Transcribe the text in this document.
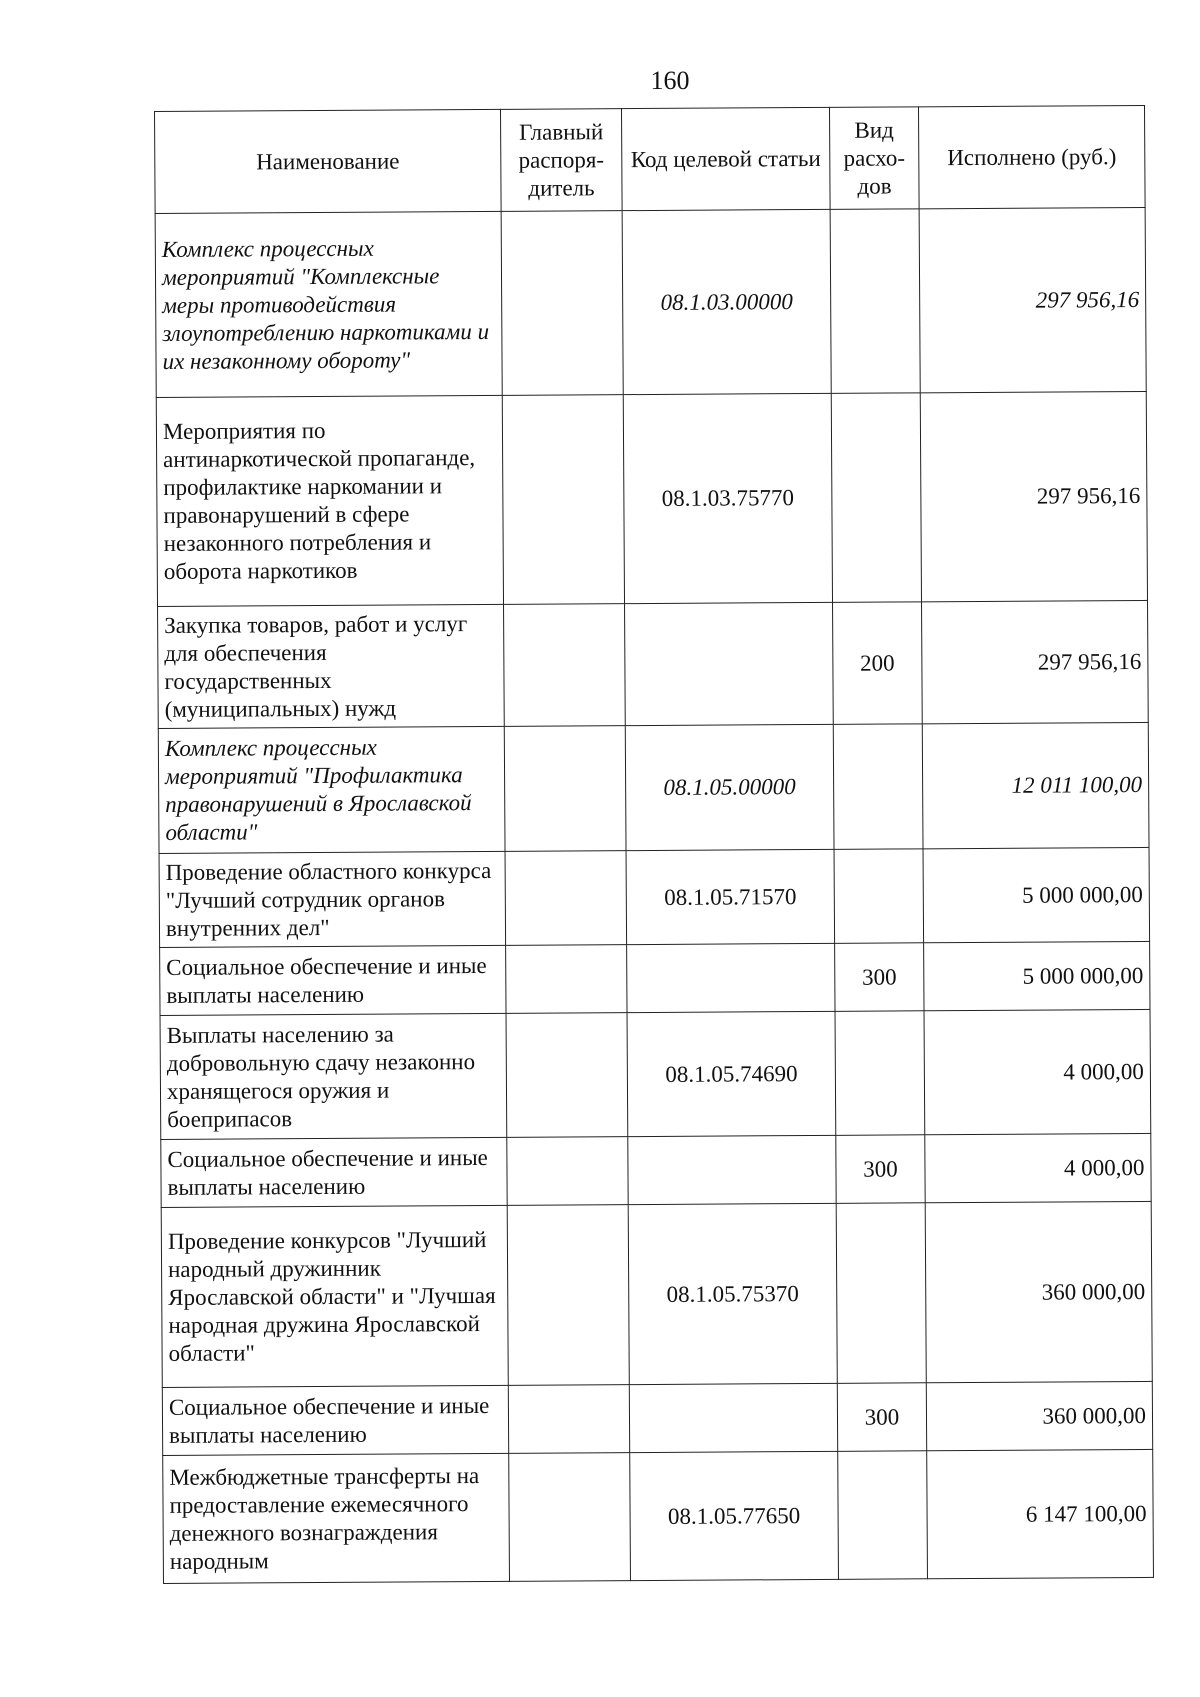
160
Наименование	Главный распоря- дитель	Код целевой статьи	Вид расхо- дов	Исполнено (руб.)
Комплекс процессных мероприятий "Комплексные меры противодействия злоупотреблению наркотиками и их незаконному обороту"		08.1.03.00000		297 956,16
Мероприятия по антинаркотической пропаганде, профилактике наркомании и правонарушений в сфере незаконного потребления и оборота наркотиков		08.1.03.75770		297 956,16
Закупка товаров, работ и услуг для обеспечения государственных (муниципальных) нужд			200	297 956,16
Комплекс процессных мероприятий "Профилактика правонарушений в Ярославской области"		08.1.05.00000		12 011 100,00
Проведение областного конкурса "Лучший сотрудник органов внутренних дел"		08.1.05.71570		5 000 000,00
Социальное обеспечение и иные выплаты населению			300	5 000 000,00
Выплаты населению за добровольную сдачу незаконно хранящегося оружия и боеприпасов		08.1.05.74690		4 000,00
Социальное обеспечение и иные выплаты населению			300	4 000,00
Проведение конкурсов "Лучший народный дружинник Ярославской области" и "Лучшая народная дружина Ярославской области"		08.1.05.75370		360 000,00
Социальное обеспечение и иные выплаты населению			300	360 000,00
Межбюджетные трансферты на предоставление ежемесячного денежного вознаграждения народным		08.1.05.77650		6 147 100,00
